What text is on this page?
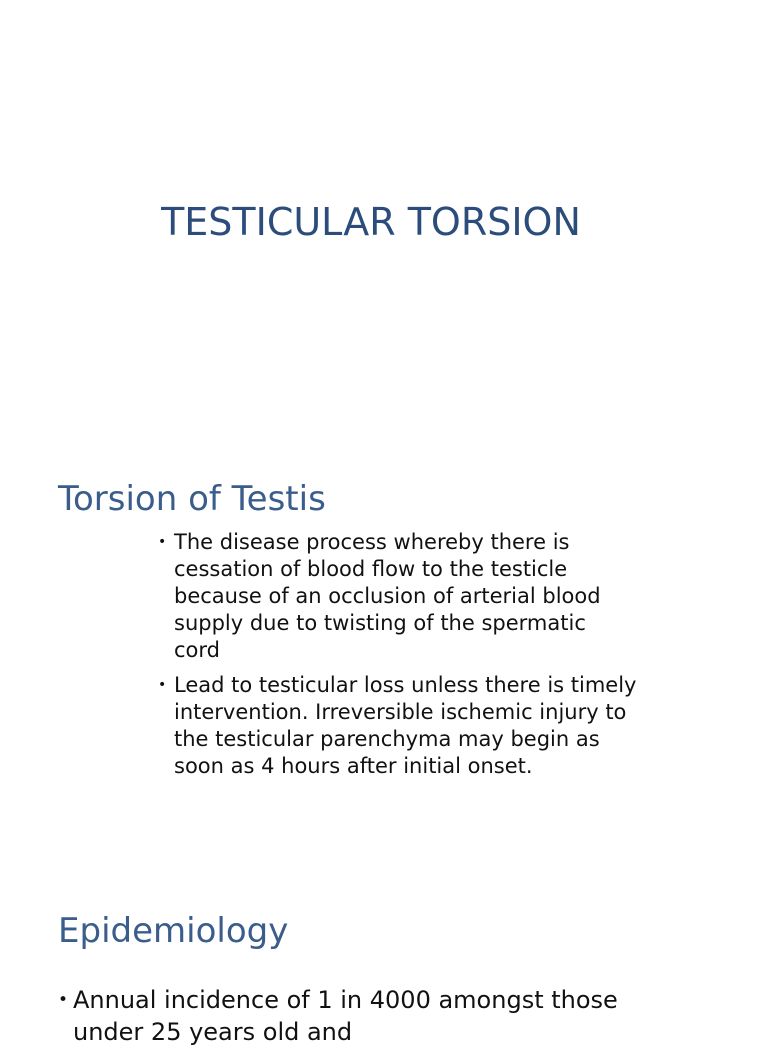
TESTICULAR TORSION
Torsion of Testis
• The disease process whereby there is cessation of blood flow to the testicle because of an occlusion of arterial blood supply due to twisting of the spermatic cord
• Lead to testicular loss unless there is timely intervention. Irreversible ischemic injury to the testicular parenchyma may begin as soon as 4 hours after initial onset.
Epidemiology
• Annual incidence of 1 in 4000 amongst those under 25 years old and
